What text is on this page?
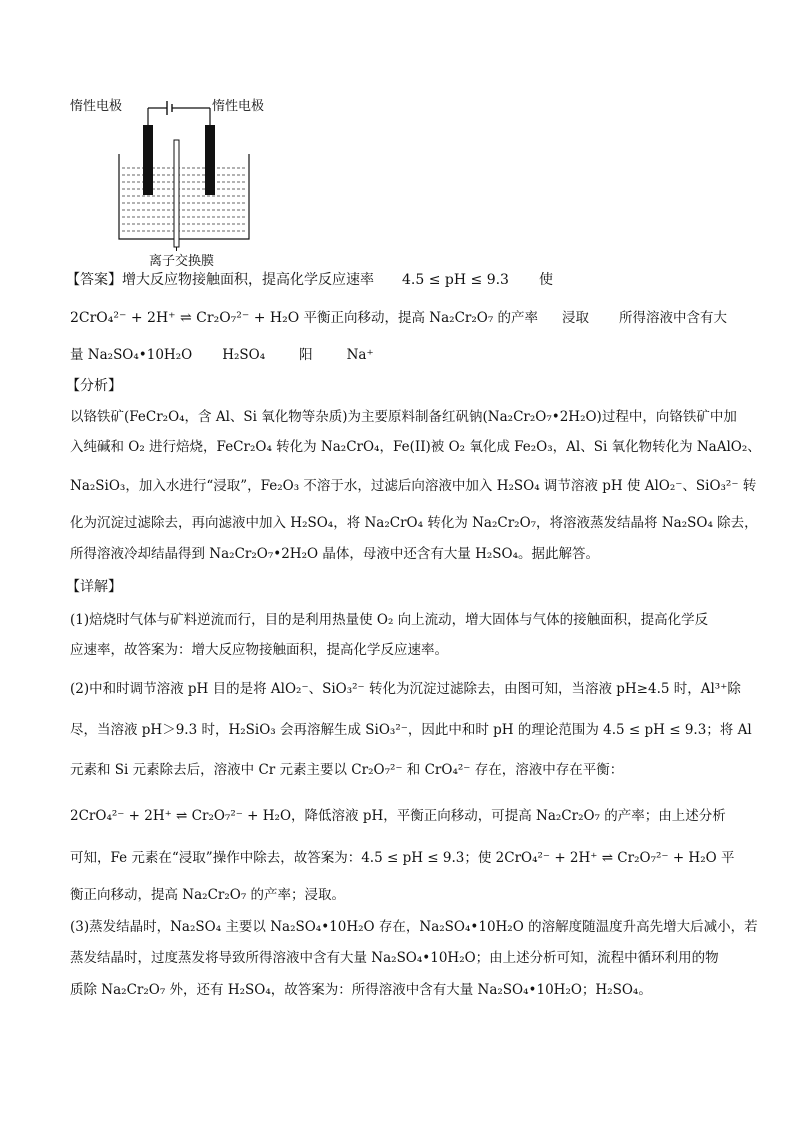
惰性电极	惰性电极
离子交换膜
【答案】增大反应物接触面积，提高化学反应速率 4.5 ≤ pH ≤ 9.3 使
2CrO₄²⁻ + 2H⁺ ⇌ Cr₂O₇²⁻ + H₂O 平衡正向移动，提高 Na₂Cr₂O₇ 的产率 浸取 所得溶液中含有大
量 Na₂SO₄•10H₂O H₂SO₄	阳	Na⁺
【分析】
以铬铁矿(FeCr₂O₄，含 Al、Si 氧化物等杂质)为主要原料制备红矾钠(Na₂Cr₂O₇•2H₂O)过程中，向铬铁矿中加
入纯碱和 O₂ 进行焙烧，FeCr₂O₄ 转化为 Na₂CrO₄，Fe(II)被 O₂ 氧化成 Fe₂O₃，Al、Si 氧化物转化为 NaAlO₂、
Na₂SiO₃，加入水进行“浸取”，Fe₂O₃ 不溶于水，过滤后向溶液中加入 H₂SO₄ 调节溶液 pH 使 AlO₂⁻、SiO₃²⁻ 转
化为沉淀过滤除去，再向滤液中加入 H₂SO₄，将 Na₂CrO₄ 转化为 Na₂Cr₂O₇，将溶液蒸发结晶将 Na₂SO₄ 除去，
所得溶液冷却结晶得到 Na₂Cr₂O₇•2H₂O 晶体，母液中还含有大量 H₂SO₄。据此解答。
【详解】
(1)焙烧时气体与矿料逆流而行，目的是利用热量使 O₂ 向上流动，增大固体与气体的接触面积，提高化学反
应速率，故答案为：增大反应物接触面积，提高化学反应速率。
(2)中和时调节溶液 pH 目的是将 AlO₂⁻、SiO₃²⁻ 转化为沉淀过滤除去，由图可知，当溶液 pH≥4.5 时，Al³⁺除
尽，当溶液 pH＞9.3 时，H₂SiO₃ 会再溶解生成 SiO₃²⁻，因此中和时 pH 的理论范围为 4.5 ≤ pH ≤ 9.3；将 Al
元素和 Si 元素除去后，溶液中 Cr 元素主要以 Cr₂O₇²⁻ 和 CrO₄²⁻ 存在，溶液中存在平衡：
2CrO₄²⁻ + 2H⁺ ⇌ Cr₂O₇²⁻ + H₂O，降低溶液 pH，平衡正向移动，可提高 Na₂Cr₂O₇ 的产率；由上述分析
可知，Fe 元素在“浸取”操作中除去，故答案为：4.5 ≤ pH ≤ 9.3；使 2CrO₄²⁻ + 2H⁺ ⇌ Cr₂O₇²⁻ + H₂O 平
衡正向移动，提高 Na₂Cr₂O₇ 的产率；浸取。
(3)蒸发结晶时，Na₂SO₄ 主要以 Na₂SO₄•10H₂O 存在，Na₂SO₄•10H₂O 的溶解度随温度升高先增大后减小，若
蒸发结晶时，过度蒸发将导致所得溶液中含有大量 Na₂SO₄•10H₂O；由上述分析可知，流程中循环利用的物
质除 Na₂Cr₂O₇ 外，还有 H₂SO₄，故答案为：所得溶液中含有大量 Na₂SO₄•10H₂O；H₂SO₄。
